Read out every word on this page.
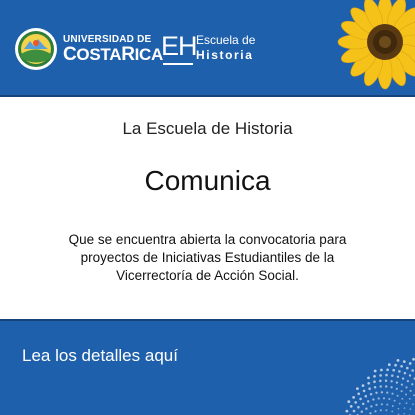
UNIVERSIDAD DE
COSTARICA
EH Escuela de
Historia
La Escuela de Historia
Comunica

Que se encuentra abierta la convocatoria para proyectos de Iniciativas Estudiantiles de la Vicerrectoría de Acción Social.

Lea los detalles aquí
